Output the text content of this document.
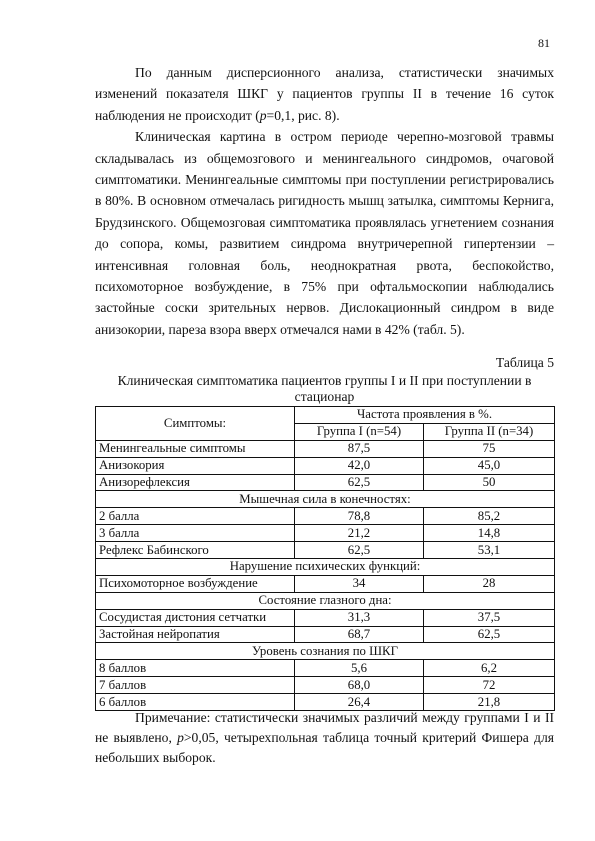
81

По данным дисперсионного анализа, статистически значимых изменений показателя ШКГ у пациентов группы II в течение 16 суток наблюдения не происходит (p=0,1, рис. 8).

Клиническая картина в остром периоде черепно-мозговой травмы складывалась из общемозгового и менингеального синдромов, очаговой симптоматики. Менингеальные симптомы при поступлении регистрировались в 80%. В основном отмечалась ригидность мышц затылка, симптомы Кернига, Брудзинского. Общемозговая симптоматика проявлялась угнетением сознания до сопора, комы, развитием синдрома внутричерепной гипертензии – интенсивная головная боль, неоднократная рвота, беспокойство, психомоторное возбуждение, в 75% при офтальмоскопии наблюдались застойные соски зрительных нервов. Дислокационный синдром в виде анизокории, пареза взора вверх отмечался нами в 42% (табл. 5).

Таблица 5
Клиническая симптоматика пациентов группы I и II при поступлении в стационар
Симптомы:	Частота проявления в %.	
	Группа I (n=54)	Группа II (n=34)
Менингеальные симптомы	87,5	75
Анизокория	42,0	45,0
Анизорефлексия	62,5	50
Мышечная сила в конечностях:		
2 балла	78,8	85,2
3 балла	21,2	14,8
Рефлекс Бабинского	62,5	53,1
Нарушение психических функций:		
Психомоторное возбуждение	34	28
Состояние глазного дна:		
Сосудистая дистония сетчатки	31,3	37,5
Застойная нейропатия	68,7	62,5
Уровень сознания по ШКГ		
8 баллов	5,6	6,2
7 баллов	68,0	72
6 баллов	26,4	21,8
Примечание: статистически значимых различий между группами I и II не выявлено, p>0,05, четырехпольная таблица точный критерий Фишера для небольших выборок.
